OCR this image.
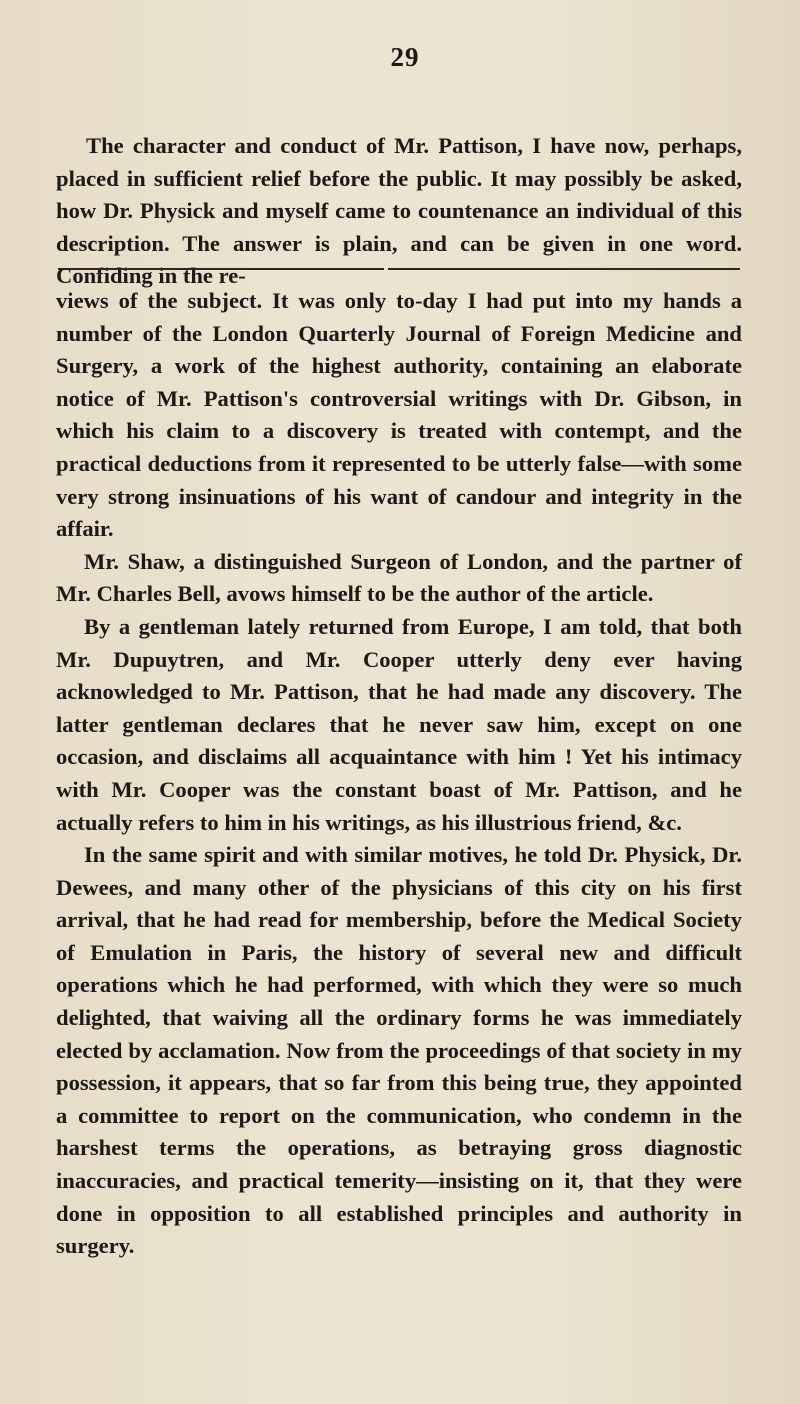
29

The character and conduct of Mr. Pattison, I have now, perhaps, placed in sufficient relief before the public. It may possibly be asked, how Dr. Physick and myself came to countenance an individual of this description. The answer is plain, and can be given in one word. Confiding in the re-

views of the subject. It was only to-day I had put into my hands a number of the London Quarterly Journal of Foreign Medicine and Surgery, a work of the highest authority, containing an elaborate notice of Mr. Pattison's controversial writings with Dr. Gibson, in which his claim to a discovery is treated with contempt, and the practical deductions from it represented to be utterly false—with some very strong insinuations of his want of candour and integrity in the affair.

Mr. Shaw, a distinguished Surgeon of London, and the partner of Mr. Charles Bell, avows himself to be the author of the article.

By a gentleman lately returned from Europe, I am told, that both Mr. Dupuytren, and Mr. Cooper utterly deny ever having acknowledged to Mr. Pattison, that he had made any discovery. The latter gentleman declares that he never saw him, except on one occasion, and disclaims all acquaintance with him ! Yet his intimacy with Mr. Cooper was the constant boast of Mr. Pattison, and he actually refers to him in his writings, as his illustrious friend, &c.

In the same spirit and with similar motives, he told Dr. Physick, Dr. Dewees, and many other of the physicians of this city on his first arrival, that he had read for membership, before the Medical Society of Emulation in Paris, the history of several new and difficult operations which he had performed, with which they were so much delighted, that waiving all the ordinary forms he was immediately elected by acclamation. Now from the proceedings of that society in my possession, it appears, that so far from this being true, they appointed a committee to report on the communication, who condemn in the harshest terms the operations, as betraying gross diagnostic inaccuracies, and practical temerity—insisting on it, that they were done in opposition to all established principles and authority in surgery.
